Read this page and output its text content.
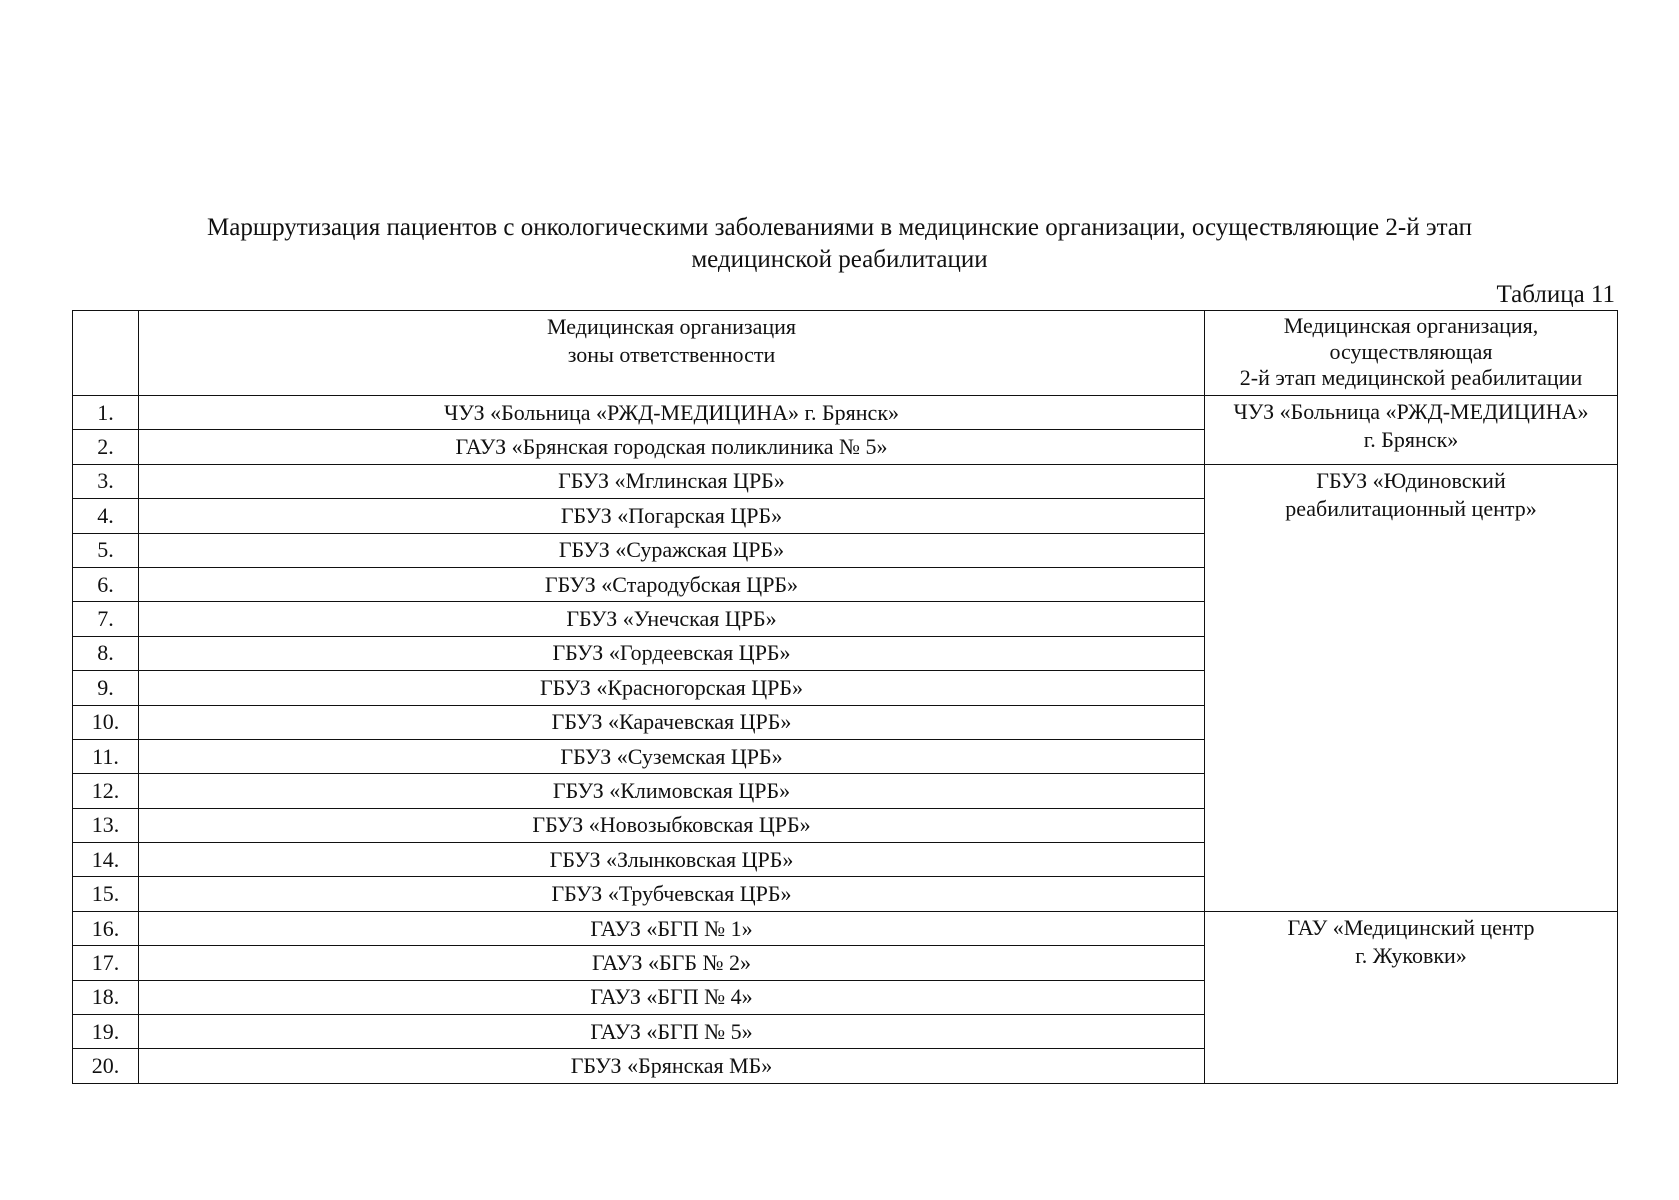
Маршрутизация пациентов с онкологическими заболеваниями в медицинские организации, осуществляющие 2-й этап
медицинской реабилитации
Таблица 11

	Медицинская организация
зоны ответственности	Медицинская организация,
осуществляющая
2-й этап медицинской реабилитации

1.	ЧУЗ «Больница «РЖД-МЕДИЦИНА» г. Брянск»	ЧУЗ «Больница «РЖД-МЕДИЦИНА»
г. Брянск»

2.	ГАУЗ «Брянская городская поликлиника № 5»	
3.	ГБУЗ «Мглинская ЦРБ»	ГБУЗ «Юдиновский
реабилитационный центр»

4.	ГБУЗ «Погарская ЦРБ»	
5.	ГБУЗ «Суражская ЦРБ»	
6.	ГБУЗ «Стародубская ЦРБ»	
7.	ГБУЗ «Унечская ЦРБ»	
8.	ГБУЗ «Гордеевская ЦРБ»	
9.	ГБУЗ «Красногорская ЦРБ»	
10.	ГБУЗ «Карачевская ЦРБ»	
11.	ГБУЗ «Суземская ЦРБ»	
12.	ГБУЗ «Климовская ЦРБ»	
13.	ГБУЗ «Новозыбковская ЦРБ»	
14.	ГБУЗ «Злынковская ЦРБ»	
15.	ГБУЗ «Трубчевская ЦРБ»	
16.	ГАУЗ «БГП № 1»	ГАУ «Медицинский центр
г. Жуковки»

17.	ГАУЗ «БГБ № 2»	
18.	ГАУЗ «БГП № 4»	
19.	ГАУЗ «БГП № 5»	
20.	ГБУЗ «Брянская МБ»	
